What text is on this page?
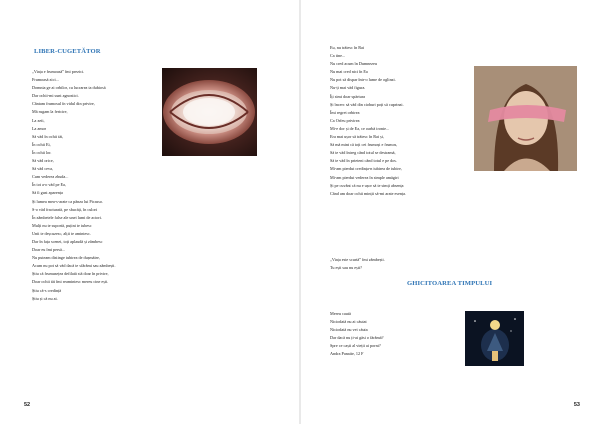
LIBER-CUGETĂTOR
„Viața e frumoasă” îmi prezici.
Frumoasă zici...
Domnia ge ai orbilor, cu lucrarea ta dubiosă
Dar ochii-mi sunt agnostici.
Cântam frumosul în vidul din privire,
Mă rugam la fericire,
La zeii,
La amor
Să văd în ochii tăi,
În ochii Ei,
În ochii lor.
Să văd orice,
Să văd ceva,
Cum vederea zbuda...
În tot a-o văd pe Ea,
Să îi gust aparența
Și lumea mea-s-arate ca pânza lui Picasso.
S-o văd fracturată, pe sbucăți, în culori
În zâmbetele false ale unei lumi de actori.
Mulți nu te suportă, puțini te iubesc
Unii te deșcuzesc, alții te amintesc.
Dar în fața scenei, toți aplaudă și zâmbesc
Doar eu îmi persă...
Nu puteam distinge iubirea de dușmăire,
Acum nu pot să văd dacă te sfârâmi sau zâmbești.
Știu că frumusețea defilată stă doar în privire,
Doar ochii tăi îmi reamintesc mereu cine ești.
Știu că-s credință
Știu și că nu ai.
52
Eu, nu trăiesc în Rai
Ca tine...
Nu cred acum în Dumnezeu
Nu mai cred nici în Ea
Nu pot să dispar într-o lume de oglinzi.
Nu-ți mai văd figura.
Îți simt doar spărtura
Și încerc să văd din cioburi poți să cuprinzi.
Îmi regret orbirea
Ca Orfeu privirea
Mi-e dor și de Ea, ce oarbă ironie...
Era mai ușor să trăiesc în Rai și,
Să mă mint că toți cei frumoși e frumos,
Să te văd întreg când totul se destramă,
Să te văd în prieteni când totul e pe dos.
Mi-am pierdut credința-n iubirea de iubire,
Mi-am pierdut vederea în simple amăgiri
Și pe cuvânt că nu e ușor să te simți absența
Când am doar ochii minții să-mi arate esența.
„Viața este scurtă” îmi zâmbești.
Tu ești sau nu ești?
GHICITOAREA TIMPULUI
Mereu caută
Niciodată nu ai căutat
Niciodată nu vei căuta
Dar dacă nu ți-ai găsi o fărâmă?
Spre ce caști al vieții ai porni?
Andra Panaite, 12 F
53
